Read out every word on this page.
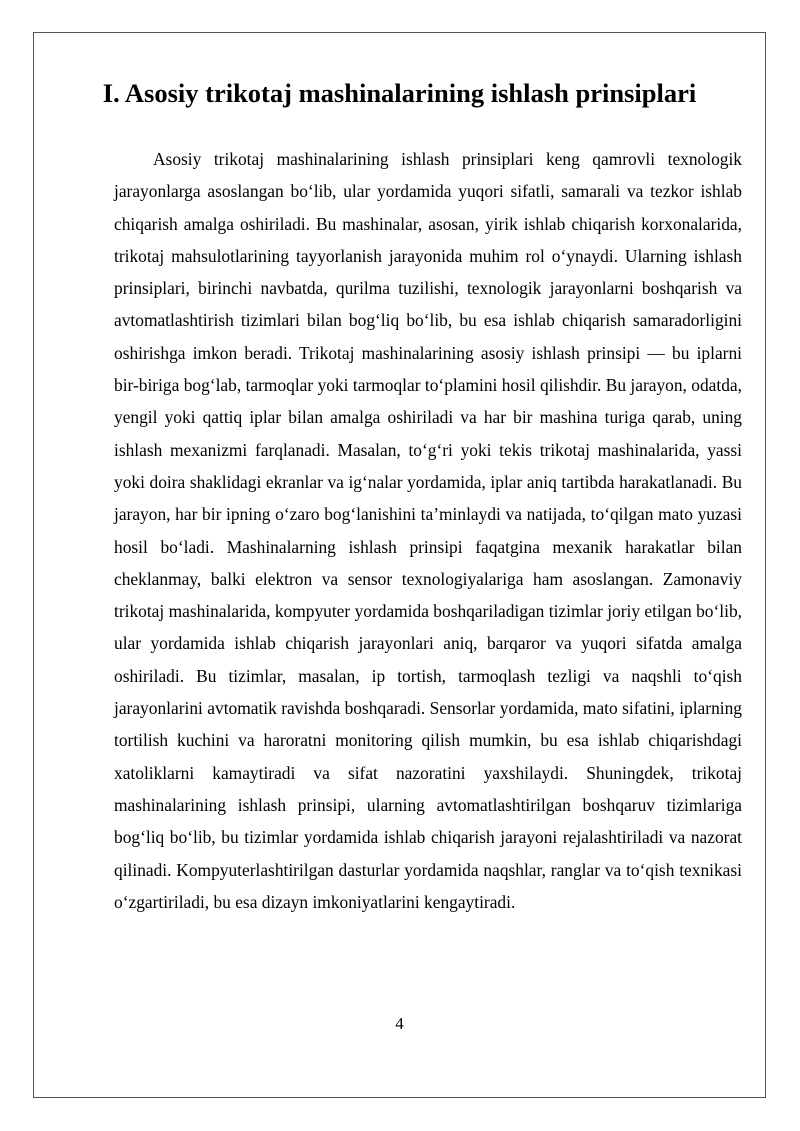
I. Asosiy trikotaj mashinalarining ishlash prinsiplari

Asosiy trikotaj mashinalarining ishlash prinsiplari keng qamrovli texnologik jarayonlarga asoslangan bo‘lib, ular yordamida yuqori sifatli, samarali va tezkor ishlab chiqarish amalga oshiriladi. Bu mashinalar, asosan, yirik ishlab chiqarish korxonalarida, trikotaj mahsulotlarining tayyorlanish jarayonida muhim rol o‘ynaydi. Ularning ishlash prinsiplari, birinchi navbatda, qurilma tuzilishi, texnologik jarayonlarni boshqarish va avtomatlashtirish tizimlari bilan bog‘liq bo‘lib, bu esa ishlab chiqarish samaradorligini oshirishga imkon beradi. Trikotaj mashinalarining asosiy ishlash prinsipi — bu iplarni bir-biriga bog‘lab, tarmoqlar yoki tarmoqlar to‘plamini hosil qilishdir. Bu jarayon, odatda, yengil yoki qattiq iplar bilan amalga oshiriladi va har bir mashina turiga qarab, uning ishlash mexanizmi farqlanadi. Masalan, to‘g‘ri yoki tekis trikotaj mashinalarida, yassi yoki doira shaklidagi ekranlar va ig‘nalar yordamida, iplar aniq tartibda harakatlanadi. Bu jarayon, har bir ipning o‘zaro bog‘lanishini ta’minlaydi va natijada, to‘qilgan mato yuzasi hosil bo‘ladi. Mashinalarning ishlash prinsipi faqatgina mexanik harakatlar bilan cheklanmay, balki elektron va sensor texnologiyalariga ham asoslangan. Zamonaviy trikotaj mashinalarida, kompyuter yordamida boshqariladigan tizimlar joriy etilgan bo‘lib, ular yordamida ishlab chiqarish jarayonlari aniq, barqaror va yuqori sifatda amalga oshiriladi. Bu tizimlar, masalan, ip tortish, tarmoqlash tezligi va naqshli to‘qish jarayonlarini avtomatik ravishda boshqaradi. Sensorlar yordamida, mato sifatini, iplarning tortilish kuchini va haroratni monitoring qilish mumkin, bu esa ishlab chiqarishdagi xatoliklarni kamaytiradi va sifat nazoratini yaxshilaydi. Shuningdek, trikotaj mashinalarining ishlash prinsipi, ularning avtomatlashtirilgan boshqaruv tizimlariga bog‘liq bo‘lib, bu tizimlar yordamida ishlab chiqarish jarayoni rejalashtiriladi va nazorat qilinadi. Kompyuterlashtirilgan dasturlar yordamida naqshlar, ranglar va to‘qish texnikasi o‘zgartiriladi, bu esa dizayn imkoniyatlarini kengaytiradi.

4
